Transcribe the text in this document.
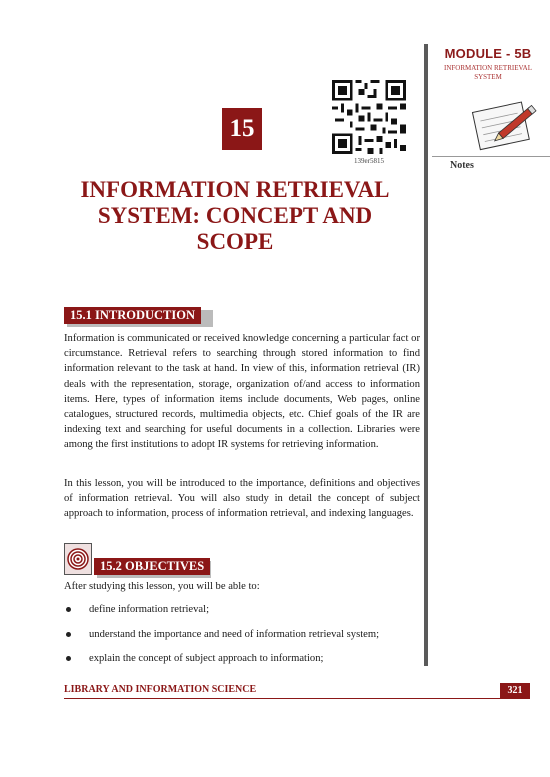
MODULE - 5B
INFORMATION RETRIEVAL SYSTEM
Notes
139er5815
15
INFORMATION RETRIEVAL
SYSTEM: CONCEPT AND
SCOPE
15.1 INTRODUCTION
Information is communicated or received knowledge concerning a particular fact or circumstance. Retrieval refers to searching through stored information to find information relevant to the task at hand. In view of this, information retrieval (IR) deals with the representation, storage, organization of/and access to information items. Here, types of information items include documents, Web pages, online catalogues, structured records, multimedia objects, etc. Chief goals of the IR are indexing text and searching for useful documents in a collection. Libraries were among the first institutions to adopt IR systems for retrieving information.
In this lesson, you will be introduced to the importance, definitions and objectives of information retrieval. You will also study in detail the concept of subject approach to information, process of information retrieval, and indexing languages.
15.2 OBJECTIVES
After studying this lesson, you will be able to:
define information retrieval;
understand the importance and need of information retrieval system;
explain the concept of subject approach to information;
LIBRARY AND INFORMATION SCIENCE	321
